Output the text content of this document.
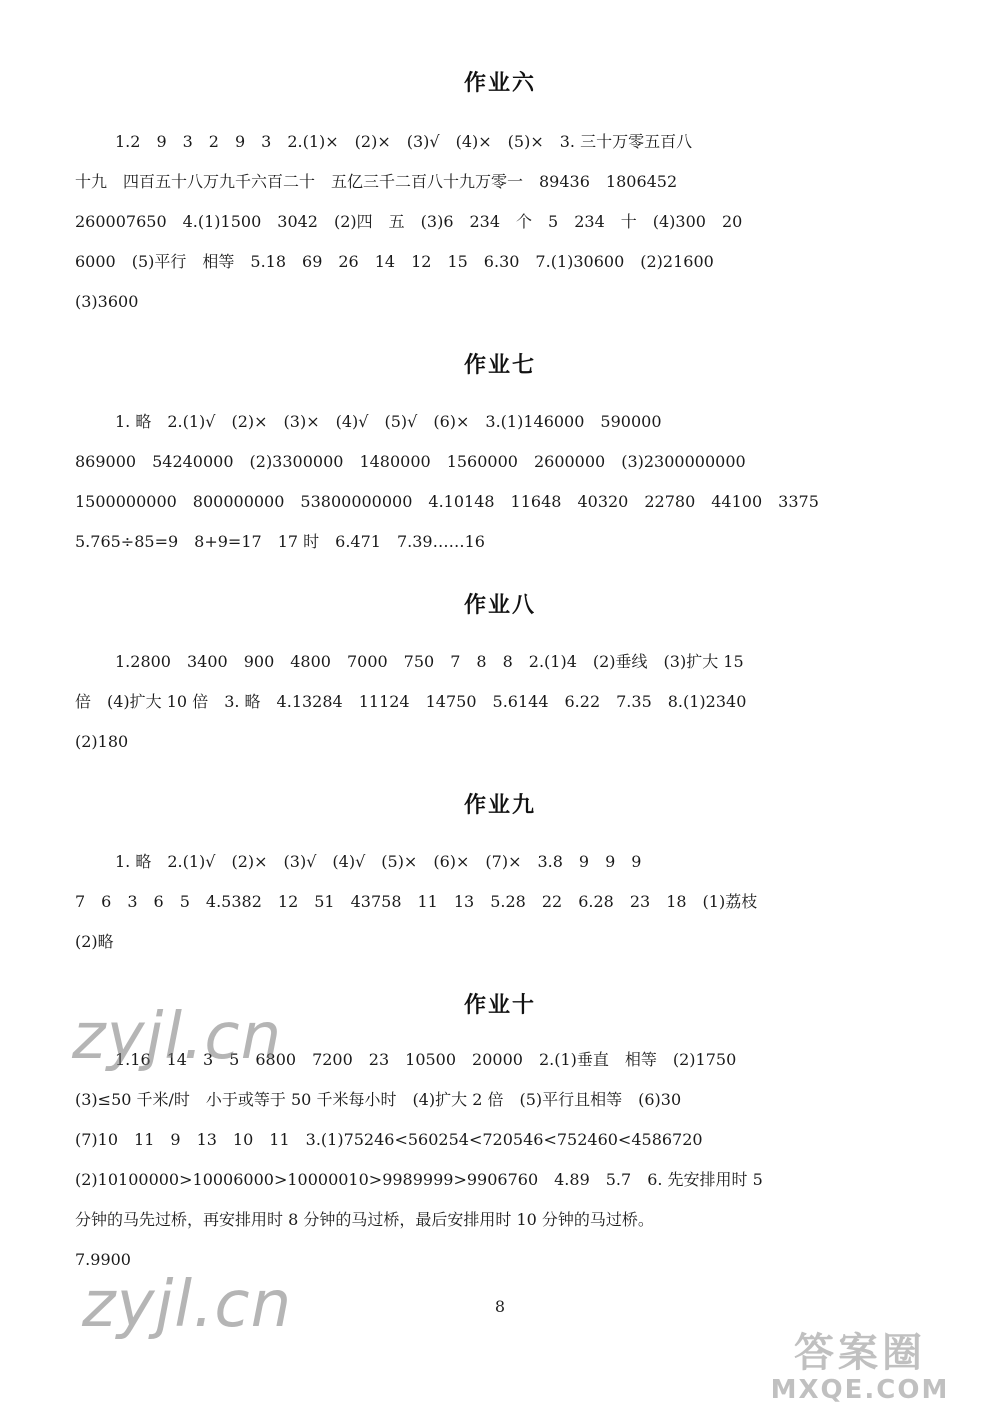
作业六
1.2　9　3　2　9　3　2.(1)×　(2)×　(3)√　(4)×　(5)×　3. 三十万零五百八
十九　四百五十八万九千六百二十　五亿三千二百八十九万零一　89436　1806452
260007650　4.(1)1500　3042　(2)四　五　(3)6　234　个　5　234　十　(4)300　20
6000　(5)平行　相等　5.18　69　26　14　12　15　6.30　7.(1)30600　(2)21600
(3)3600
作业七
1. 略　2.(1)√　(2)×　(3)×　(4)√　(5)√　(6)×　3.(1)146000　590000
869000　54240000　(2)3300000　1480000　1560000　2600000　(3)2300000000
1500000000　800000000　53800000000　4.10148　11648　40320　22780　44100　3375
5.765÷85=9　8+9=17　17 时　6.471　7.39……16
作业八
1.2800　3400　900　4800　7000　750　7　8　8　2.(1)4　(2)垂线　(3)扩大 15
倍　(4)扩大 10 倍　3. 略　4.13284　11124　14750　5.6144　6.22　7.35　8.(1)2340
(2)180
作业九
1. 略　2.(1)√　(2)×　(3)√　(4)√　(5)×　(6)×　(7)×　3.8　9　9　9
7　6　3　6　5　4.5382　12　51　43758　11　13　5.28　22　6.28　23　18　(1)荔枝
(2)略
作业十
1.16　14　3　5　6800　7200　23　10500　20000　2.(1)垂直　相等　(2)1750
(3)≤50 千米/时　小于或等于 50 千米每小时　(4)扩大 2 倍　(5)平行且相等　(6)30
(7)10　11　9　13　10　11　3.(1)75246<560254<720546<752460<4586720
(2)10100000>10006000>10000010>9989999>9906760　4.89　5.7　6. 先安排用时 5
分钟的马先过桥，再安排用时 8 分钟的马过桥，最后安排用时 10 分钟的马过桥。
7.9900
8
zyjl.cn
zyjl.cn
答案圈
MXQE.COM
